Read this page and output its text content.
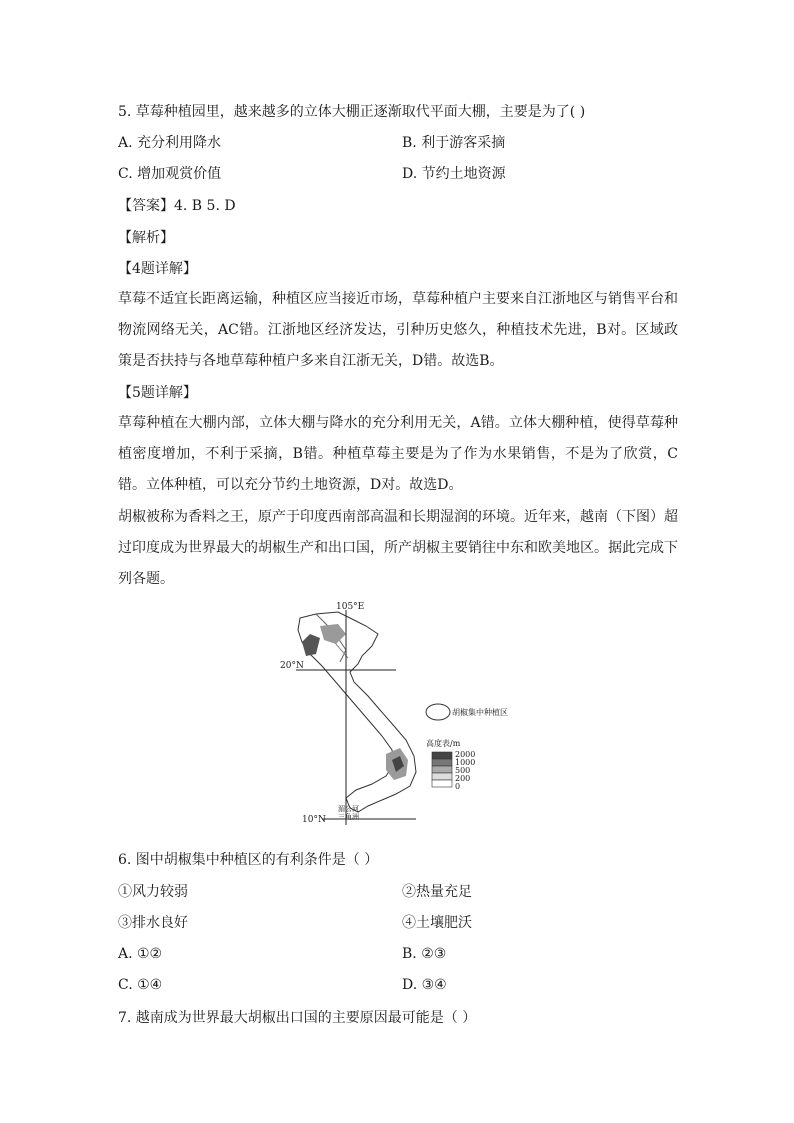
5. 草莓种植园里，越来越多的立体大棚正逐渐取代平面大棚，主要是为了( )
A. 充分利用降水	B. 利于游客采摘
C. 增加观赏价值	D. 节约土地资源
【答案】4. B 5. D
【解析】
【4题详解】
草莓不适宜长距离运输，种植区应当接近市场，草莓种植户主要来自江浙地区与销售平台和物流网络无关，AC错。江浙地区经济发达，引种历史悠久，种植技术先进，B对。区域政策是否扶持与各地草莓种植户多来自江浙无关，D错。故选B。
【5题详解】
草莓种植在大棚内部，立体大棚与降水的充分利用无关，A错。立体大棚种植，使得草莓种植密度增加，不利于采摘，B错。种植草莓主要是为了作为水果销售，不是为了欣赏，C错。立体种植，可以充分节约土地资源，D对。故选D。
胡椒被称为香料之王，原产于印度西南部高温和长期湿润的环境。近年来，越南（下图）超过印度成为世界最大的胡椒生产和出口国，所产胡椒主要销往中东和欧美地区。据此完成下列各题。
105°E
20°N
10°N
湄公河
三角洲
胡椒集中种植区
高度表/m
2000
1000
500
200
0
6. 图中胡椒集中种植区的有利条件是（ ）
①风力较弱	②热量充足
③排水良好	④土壤肥沃
A. ①②	B. ②③
C. ①④	D. ③④
7. 越南成为世界最大胡椒出口国的主要原因最可能是（ ）
